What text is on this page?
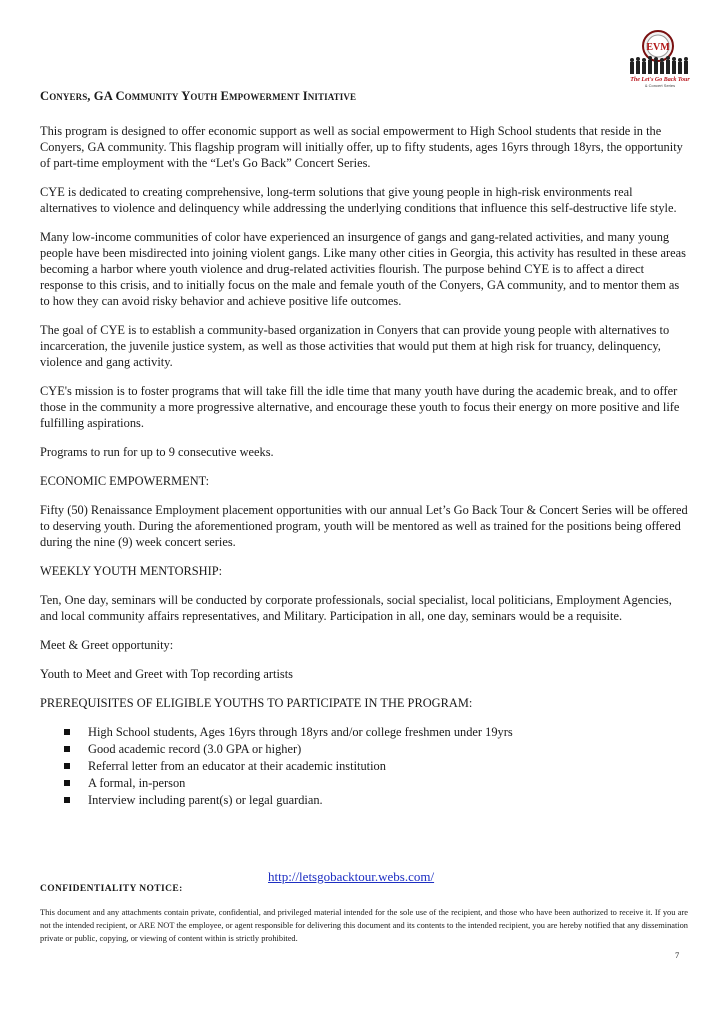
EVM
The Let's Go Back Tour
& Concert Series
Conyers, GA Community Youth Empowerment Initiative

This program is designed to offer economic support as well as social empowerment to High School students that reside in the Conyers, GA community. This flagship program will initially offer, up to fifty students, ages 16yrs through 18yrs, the opportunity of part-time employment with the “Let's Go Back” Concert Series.

CYE is dedicated to creating comprehensive, long-term solutions that give young people in high-risk environments real alternatives to violence and delinquency while addressing the underlying conditions that influence this self-destructive life style.

Many low-income communities of color have experienced an insurgence of gangs and gang-related activities, and many young people have been misdirected into joining violent gangs. Like many other cities in Georgia, this activity has resulted in these areas becoming a harbor where youth violence and drug-related activities flourish. The purpose behind CYE is to affect a direct response to this crisis, and to initially focus on the male and female youth of the Conyers, GA community, and to mentor them as to how they can avoid risky behavior and achieve positive life outcomes.

The goal of CYE is to establish a community-based organization in Conyers that can provide young people with alternatives to incarceration, the juvenile justice system, as well as those activities that would put them at high risk for truancy, delinquency, violence and gang activity.

CYE's mission is to foster programs that will take fill the idle time that many youth have during the academic break, and to offer those in the community a more progressive alternative, and encourage these youth to focus their energy on more positive and life fulfilling aspirations.

Programs to run for up to 9 consecutive weeks.

ECONOMIC EMPOWERMENT:

Fifty (50) Renaissance Employment placement opportunities with our annual Let’s Go Back Tour & Concert Series will be offered to deserving youth. During the aforementioned program, youth will be mentored as well as trained for the positions being offered during the nine (9) week concert series.

WEEKLY YOUTH MENTORSHIP:

Ten, One day, seminars will be conducted by corporate professionals, social specialist, local politicians, Employment Agencies, and local community affairs representatives, and Military. Participation in all, one day, seminars would be a requisite.

Meet & Greet opportunity:

Youth to Meet and Greet with Top recording artists

PREREQUISITES OF ELIGIBLE YOUTHS TO PARTICIPATE IN THE PROGRAM:

High School students, Ages 16yrs through 18yrs and/or college freshmen under 19yrs
Good academic record (3.0 GPA or higher)
Referral letter from an educator at their academic institution
A formal, in-person
Interview including parent(s) or legal guardian.
http://letsgobacktour.webs.com/
CONFIDENTIALITY NOTICE:
This document and any attachments contain private, confidential, and privileged material intended for the sole use of the recipient, and those who have been authorized to receive it. If you are not the intended recipient, or ARE NOT the employee, or agent responsible for delivering this document and its contents to the intended recipient, you are hereby notified that any dissemination private or public, copying, or viewing of content within is strictly prohibited.
7
